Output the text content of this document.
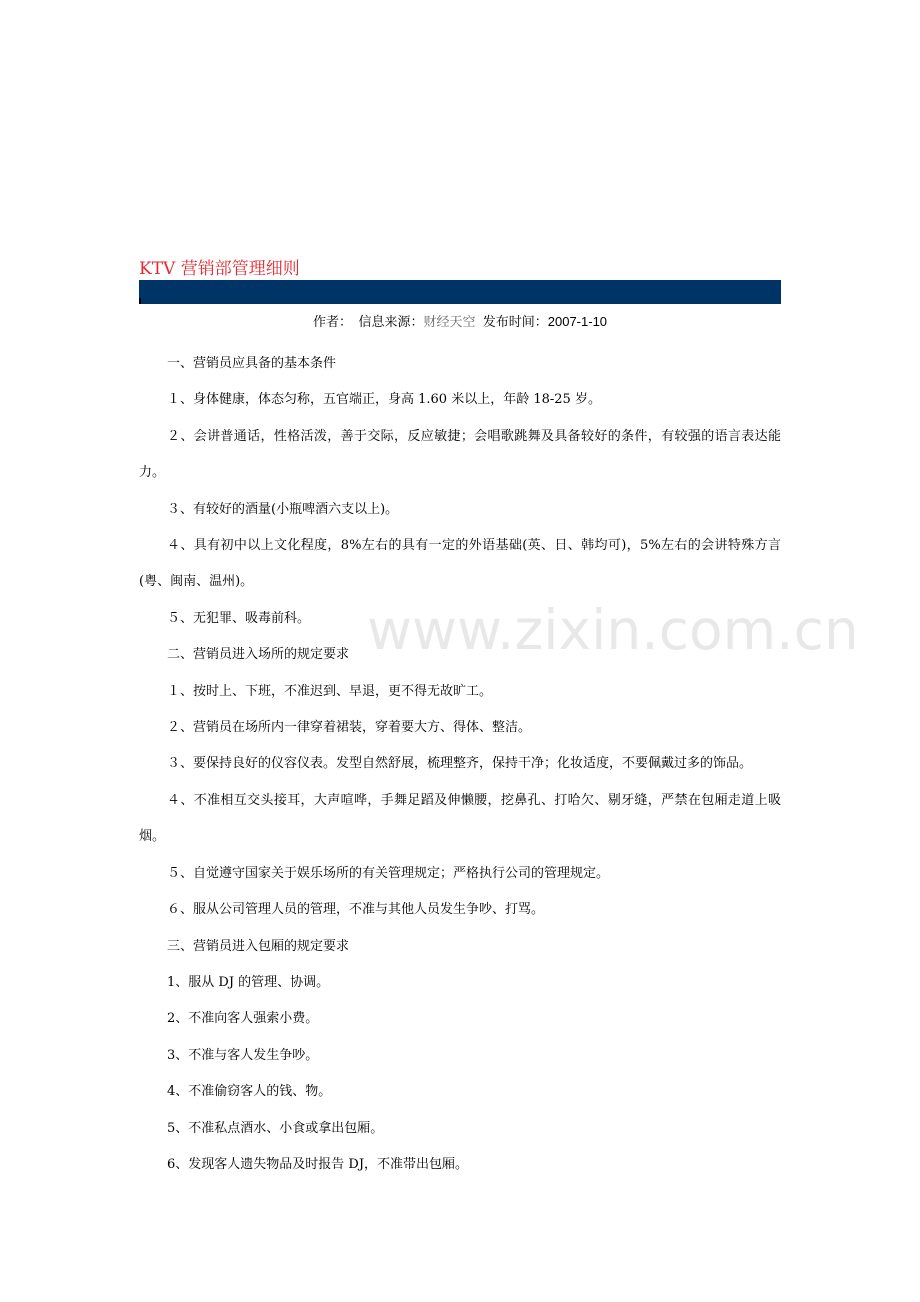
KTV 营销部管理细则
作者：　 信息来源：财经天空 发布时间：2007-1-10

一、营销员应具备的基本条件

１、身体健康，体态匀称，五官端正，身高 1.60 米以上，年龄 18-25 岁。

２、会讲普通话，性格活泼，善于交际，反应敏捷；会唱歌跳舞及具备较好的条件，有较强的语言表达能力。

３、有较好的酒量(小瓶啤酒六支以上)。

４、具有初中以上文化程度，8%左右的具有一定的外语基础(英、日、韩均可)，5%左右的会讲特殊方言(粤、闽南、温州)。

５、无犯罪、吸毒前科。

二、营销员进入场所的规定要求

１、按时上、下班，不准迟到、早退，更不得无故旷工。

２、营销员在场所内一律穿着裙装，穿着要大方、得体、整洁。

３、要保持良好的仪容仪表。发型自然舒展，梳理整齐，保持干净；化妆适度，不要佩戴过多的饰品。

４、不准相互交头接耳，大声喧哗，手舞足蹈及伸懒腰，挖鼻孔、打哈欠、剔牙缝，严禁在包厢走道上吸烟。

５、自觉遵守国家关于娱乐场所的有关管理规定；严格执行公司的管理规定。

６、服从公司管理人员的管理，不准与其他人员发生争吵、打骂。

三、营销员进入包厢的规定要求

1、服从 DJ 的管理、协调。

2、不准向客人强索小费。

3、不准与客人发生争吵。

4、不准偷窃客人的钱、物。

5、不准私点酒水、小食或拿出包厢。

6、发现客人遗失物品及时报告 DJ，不准带出包厢。

www.zixin.com.cn
